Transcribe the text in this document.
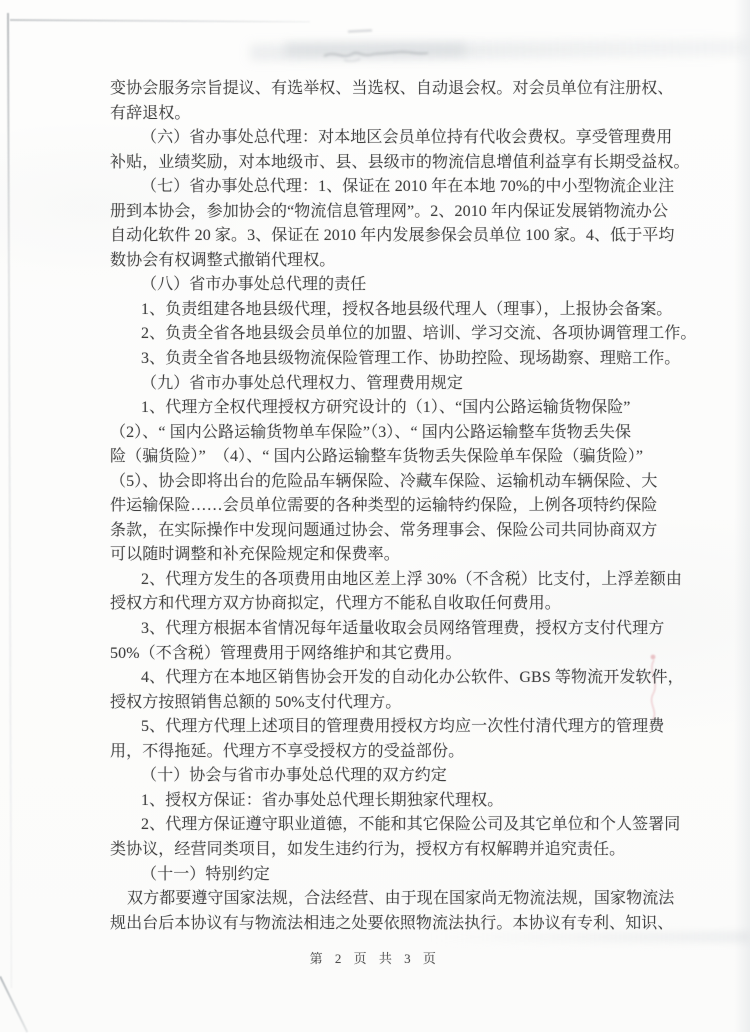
变协会服务宗旨提议、有选举权、当选权、自动退会权。对会员单位有注册权、

有辞退权。

（六）省办事处总代理：对本地区会员单位持有代收会费权。享受管理费用

补贴，业绩奖励，对本地级市、县、县级市的物流信息增值利益享有长期受益权。

（七）省办事处总代理：1、保证在 2010 年在本地 70%的中小型物流企业注

册到本协会，参加协会的“物流信息管理网”。2、2010 年内保证发展销物流办公

自动化软件 20 家。3、保证在 2010 年内发展参保会员单位 100 家。4、低于平均

数协会有权调整式撤销代理权。

（八）省市办事处总代理的责任

1、负责组建各地县级代理，授权各地县级代理人（理事），上报协会备案。

2、负责全省各地县级会员单位的加盟、培训、学习交流、各项协调管理工作。

3、负责全省各地县级物流保险管理工作、协助控险、现场勘察、理赔工作。

（九）省市办事处总代理权力、管理费用规定

1、代理方全权代理授权方研究设计的（1）、“国内公路运输货物保险”

（2）、“ 国内公路运输货物单车保险”（3）、“ 国内公路运输整车货物丢失保

险（骗货险）”　（4）、“ 国内公路运输整车货物丢失保险单车保险（骗货险）”

（5）、协会即将出台的危险品车辆保险、冷藏车保险、运输机动车辆保险、大

件运输保险……会员单位需要的各种类型的运输特约保险，上例各项特约保险

条款，在实际操作中发现问题通过协会、常务理事会、保险公司共同协商双方

可以随时调整和补充保险规定和保费率。

2、代理方发生的各项费用由地区差上浮 30%（不含税）比支付，上浮差额由

授权方和代理方双方协商拟定，代理方不能私自收取任何费用。

3、代理方根据本省情况每年适量收取会员网络管理费，授权方支付代理方

50%（不含税）管理费用于网络维护和其它费用。

4、代理方在本地区销售协会开发的自动化办公软件、GBS 等物流开发软件，

授权方按照销售总额的 50%支付代理方。

5、代理方代理上述项目的管理费用授权方均应一次性付清代理方的管理费

用，不得拖延。代理方不享受授权方的受益部份。

（十）协会与省市办事处总代理的双方约定

1、授权方保证：省办事处总代理长期独家代理权。

2、代理方保证遵守职业道德，不能和其它保险公司及其它单位和个人签署同

类协议，经营同类项目，如发生违约行为，授权方有权解聘并追究责任。

（十一）特别约定

双方都要遵守国家法规，合法经营、由于现在国家尚无物流法规，国家物流法

规出台后本协议有与物流法相违之处要依照物流法执行。本协议有专利、知识、

第 2 页 共 3 页
